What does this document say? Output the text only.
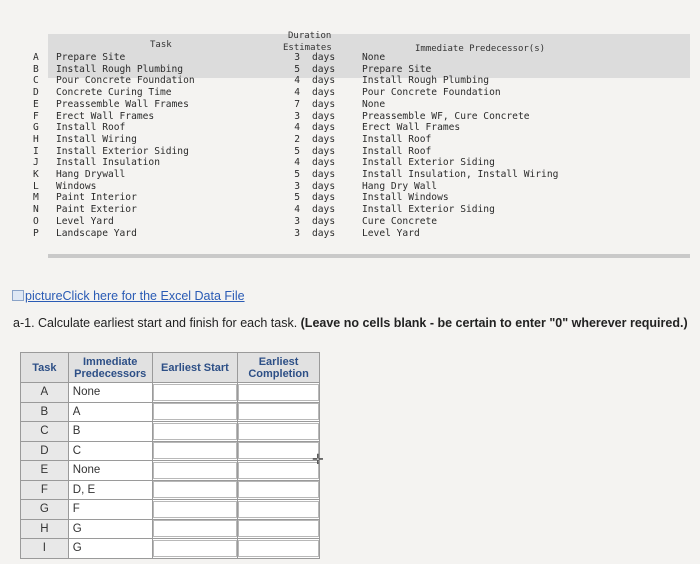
Task
Duration
Estimates	Immediate Predecessor(s)
A	Prepare Site	3 days	None
B	Install Rough Plumbing	5 days	Prepare Site
C	Pour Concrete Foundation	4 days	Install Rough Plumbing
D	Concrete Curing Time	4 days	Pour Concrete Foundation
E	Preassemble Wall Frames	7 days	None
F	Erect Wall Frames	3 days	Preassemble WF, Cure Concrete
G	Install Roof	4 days	Erect Wall Frames
H	Install Wiring	2 days	Install Roof
I	Install Exterior Siding	5 days	Install Roof
J	Install Insulation	4 days	Install Exterior Siding
K	Hang Drywall	5 days	Install Insulation, Install Wiring
L	Windows	3 days	Hang Dry Wall
M	Paint Interior	5 days	Install Windows
N	Paint Exterior	4 days	Install Exterior Siding
O	Level Yard	3 days	Cure Concrete
P	Landscape Yard	3 days	Level Yard
pictureClick here for the Excel Data File
a-1. Calculate earliest start and finish for each task. (Leave no cells blank - be certain to enter "0" wherever required.)
Task	Immediate Predecessors	Earliest Start	Earliest Completion
A	None		
B	A		
C	B		
D	C		
E	None		
F	D, E		
G	F		
H	G		
I	G		
✛
